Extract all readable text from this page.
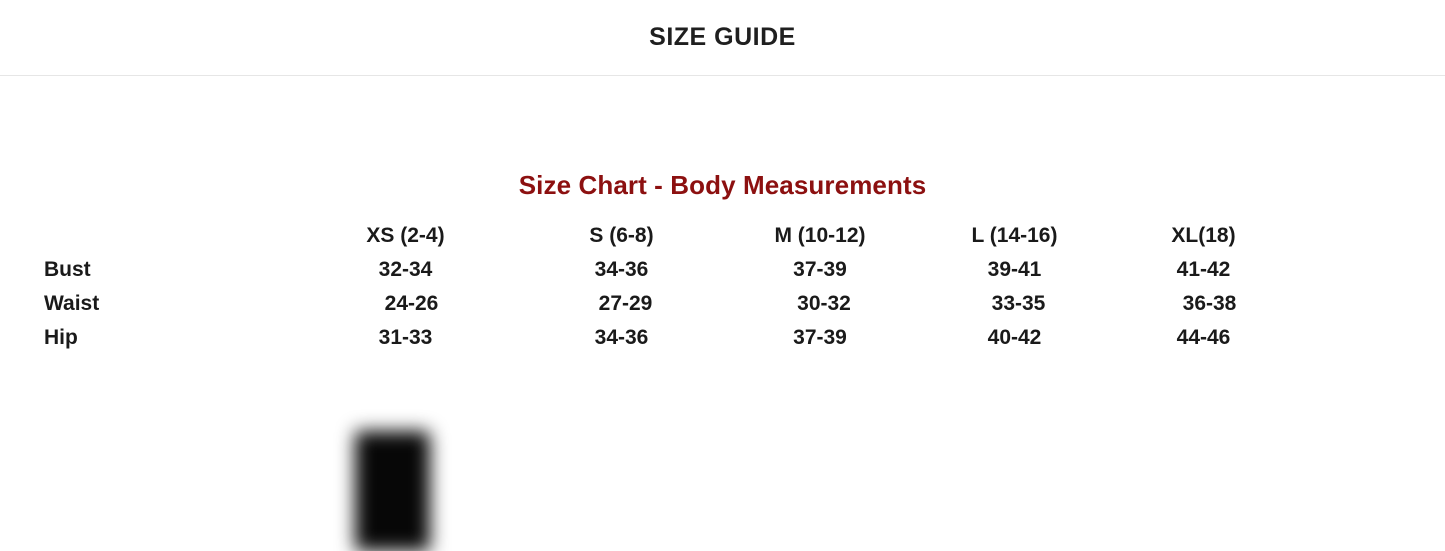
SIZE GUIDE
Size Chart - Body Measurements
	XS (2-4)	S (6-8)	M (10-12)	L (14-16)	XL(18)
Bust	32-34	34-36	37-39	39-41	41-42
Waist	24-26	27-29	30-32	33-35	36-38
Hip	31-33	34-36	37-39	40-42	44-46
